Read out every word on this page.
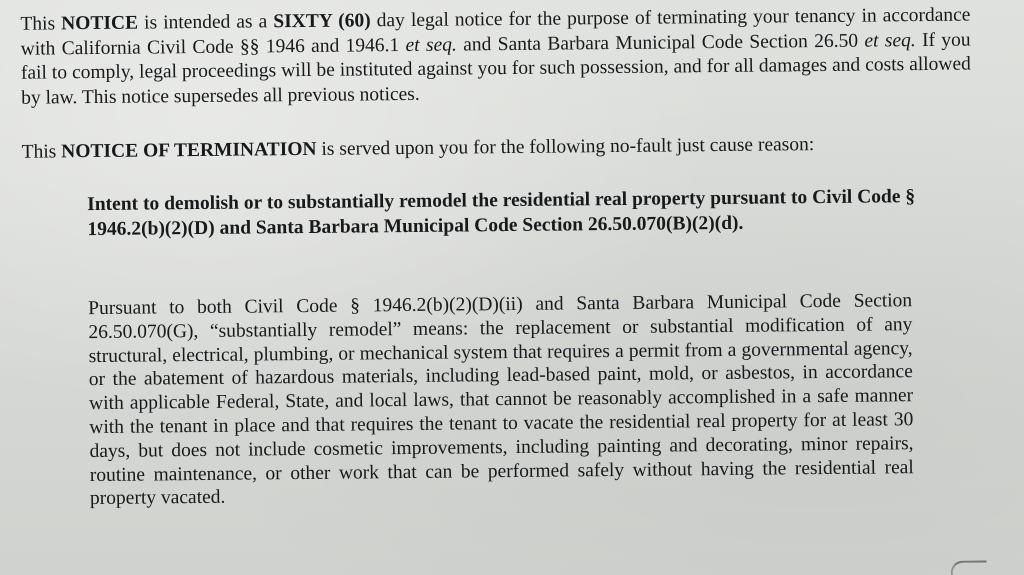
This NOTICE is intended as a SIXTY (60) day legal notice for the purpose of terminating your tenancy in accordance with California Civil Code §§ 1946 and 1946.1 et seq. and Santa Barbara Municipal Code Section 26.50 et seq. If you fail to comply, legal proceedings will be instituted against you for such possession, and for all damages and costs allowed by law. This notice supersedes all previous notices.

This NOTICE OF TERMINATION is served upon you for the following no-fault just cause reason:

Intent to demolish or to substantially remodel the residential real property pursuant to Civil Code § 1946.2(b)(2)(D) and Santa Barbara Municipal Code Section 26.50.070(B)(2)(d).

Pursuant to both Civil Code § 1946.2(b)(2)(D)(ii) and Santa Barbara Municipal Code Section 26.50.070(G), “substantially remodel” means: the replacement or substantial modification of any structural, electrical, plumbing, or mechanical system that requires a permit from a governmental agency, or the abatement of hazardous materials, including lead-based paint, mold, or asbestos, in accordance with applicable Federal, State, and local laws, that cannot be reasonably accomplished in a safe manner with the tenant in place and that requires the tenant to vacate the residential real property for at least 30 days, but does not include cosmetic improvements, including painting and decorating, minor repairs, routine maintenance, or other work that can be performed safely without having the residential real property vacated.
